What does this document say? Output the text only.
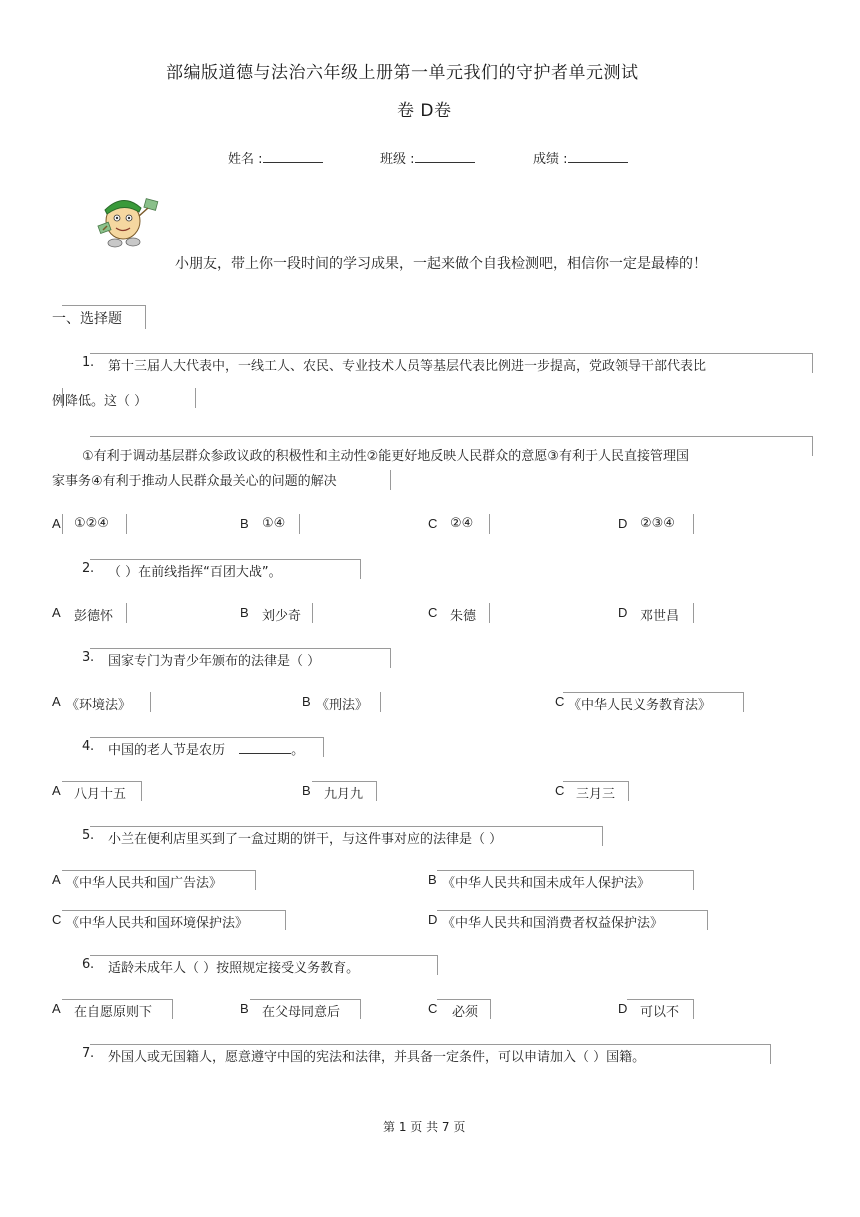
部编版道德与法治六年级上册第一单元我们的守护者单元测试
卷 D卷
姓名 :	班级 :	成绩 :
小朋友，带上你一段时间的学习成果，一起来做个自我检测吧，相信你一定是最棒的！
一、选择题
1 . 第十三届人大代表中，一线工人、农民、专业技术人员等基层代表比例进一步提高，党政领导干部代表比
例降低。这（ ）
①有利于调动基层群众参政议政的积极性和主动性②能更好地反映人民群众的意愿③有利于人民直接管理国
家事务④有利于推动人民群众最关心的问题的解决
A ①②④	B ①④	C ②④	D ②③④
2 . （ ）在前线指挥“百团大战”。
A 彭德怀	B 刘少奇	C 朱德	D 邓世昌
3 . 国家专门为青少年颁布的法律是（ ）
A 《环境法》	B 《刑法》	C 《中华人民义务教育法》
4 . 中国的老人节是农历	。
A 八月十五	B 九月九	C 三月三
5 . 小兰在便利店里买到了一盒过期的饼干，与这件事对应的法律是（ ）
A 《中华人民共和国广告法》	B 《中华人民共和国未成年人保护法》
C 《中华人民共和国环境保护法》	D 《中华人民共和国消费者权益保护法》
6 . 适龄未成年人（ ）按照规定接受义务教育。
A 在自愿原则下	B 在父母同意后	C 必须	D 可以不
7 . 外国人或无国籍人，愿意遵守中国的宪法和法律，并具备一定条件，可以申请加入（ ）国籍。
第 1 页 共 7 页
